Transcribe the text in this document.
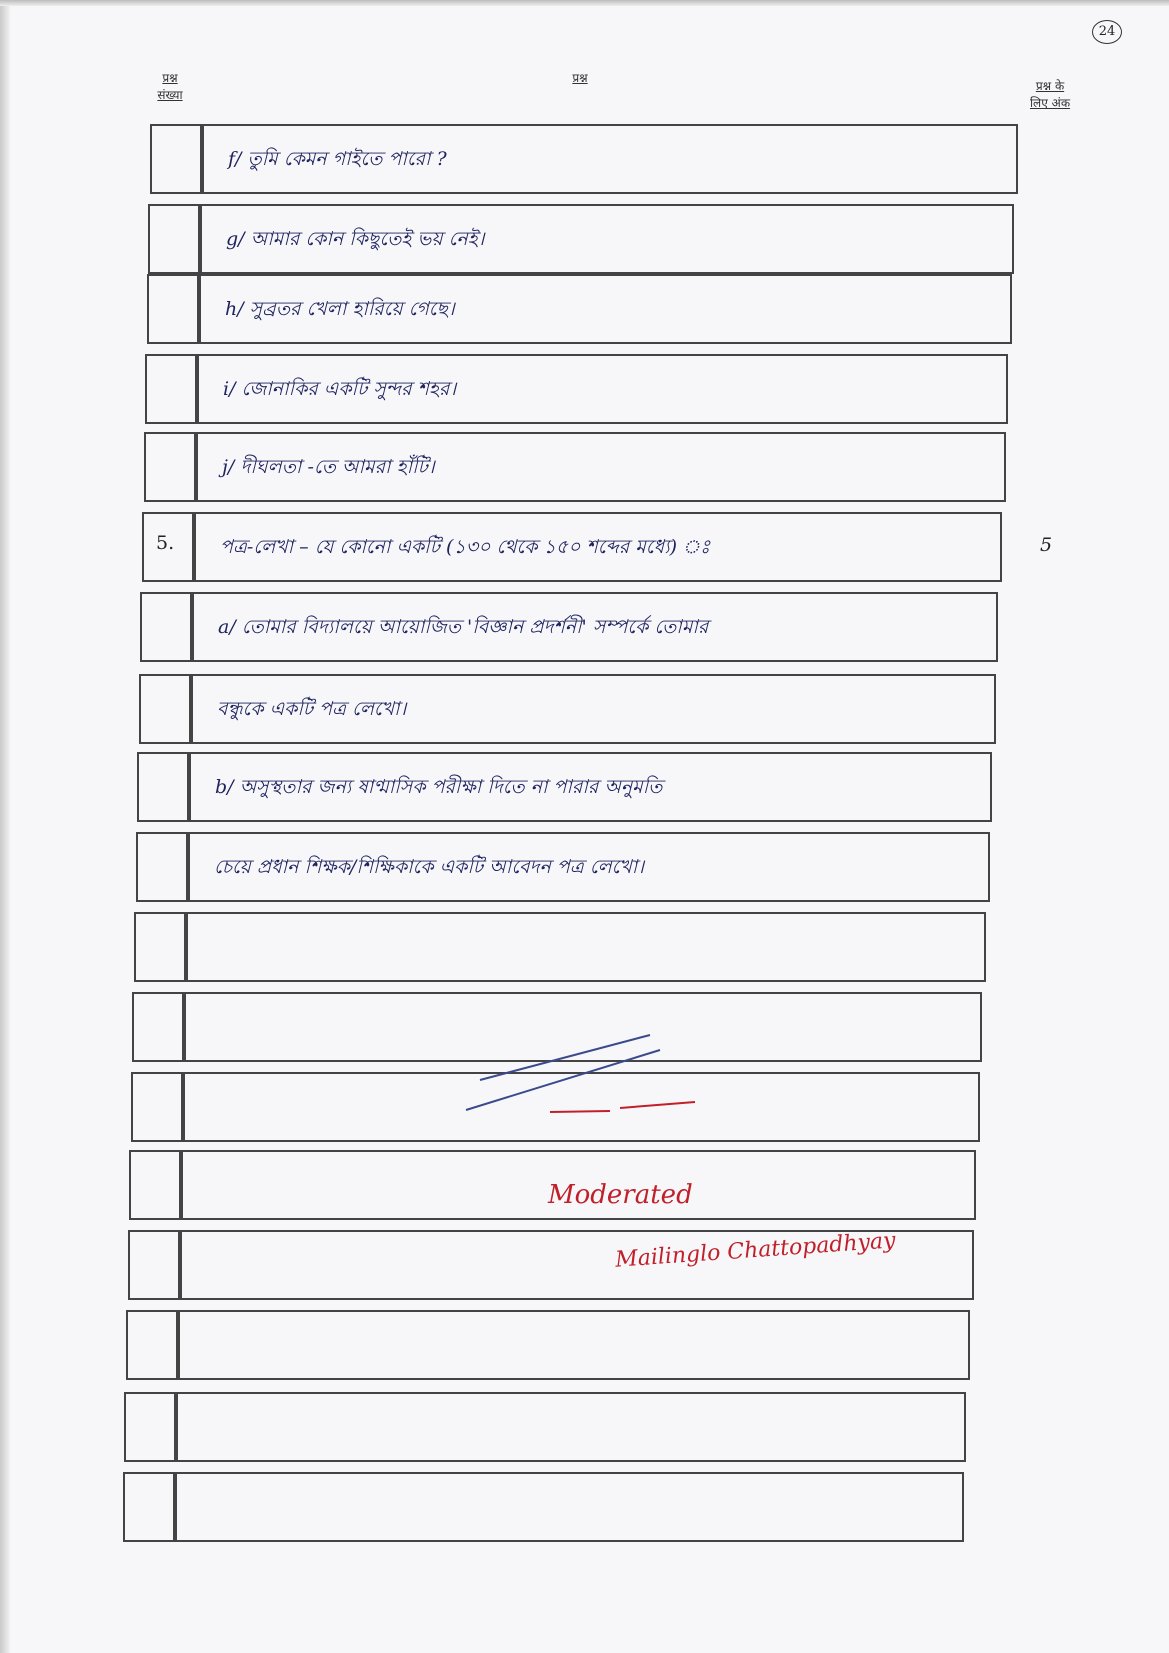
24
प्रश्न
संख्या
प्रश्न
प्रश्न के
लिए अंक
f/ তুমি কেমন গাইতে পারো ?
g/ আমার কোন কিছুতেই ভয় নেই।
h/ সুব্রতর খেলা হারিয়ে গেছে।
i/ জোনাকির একটি সুন্দর শহর।
j/ দীঘলতা -তে আমরা হাঁটি।
5. পত্র-লেখা – যে কোনো একটি (১৩০ থেকে ১৫০ শব্দের মধ্যে) ঃ	5
a/ তোমার বিদ্যালয়ে আয়োজিত 'বিজ্ঞান প্রদর্শনী' সম্পর্কে তোমার
বন্ধুকে একটি পত্র লেখো।
b/ অসুস্থতার জন্য ষাণ্মাসিক পরীক্ষা দিতে না পারার অনুমতি
চেয়ে প্রধান শিক্ষক/শিক্ষিকাকে একটি আবেদন পত্র লেখো।
Moderated
Mailinglo Chattopadhyay
